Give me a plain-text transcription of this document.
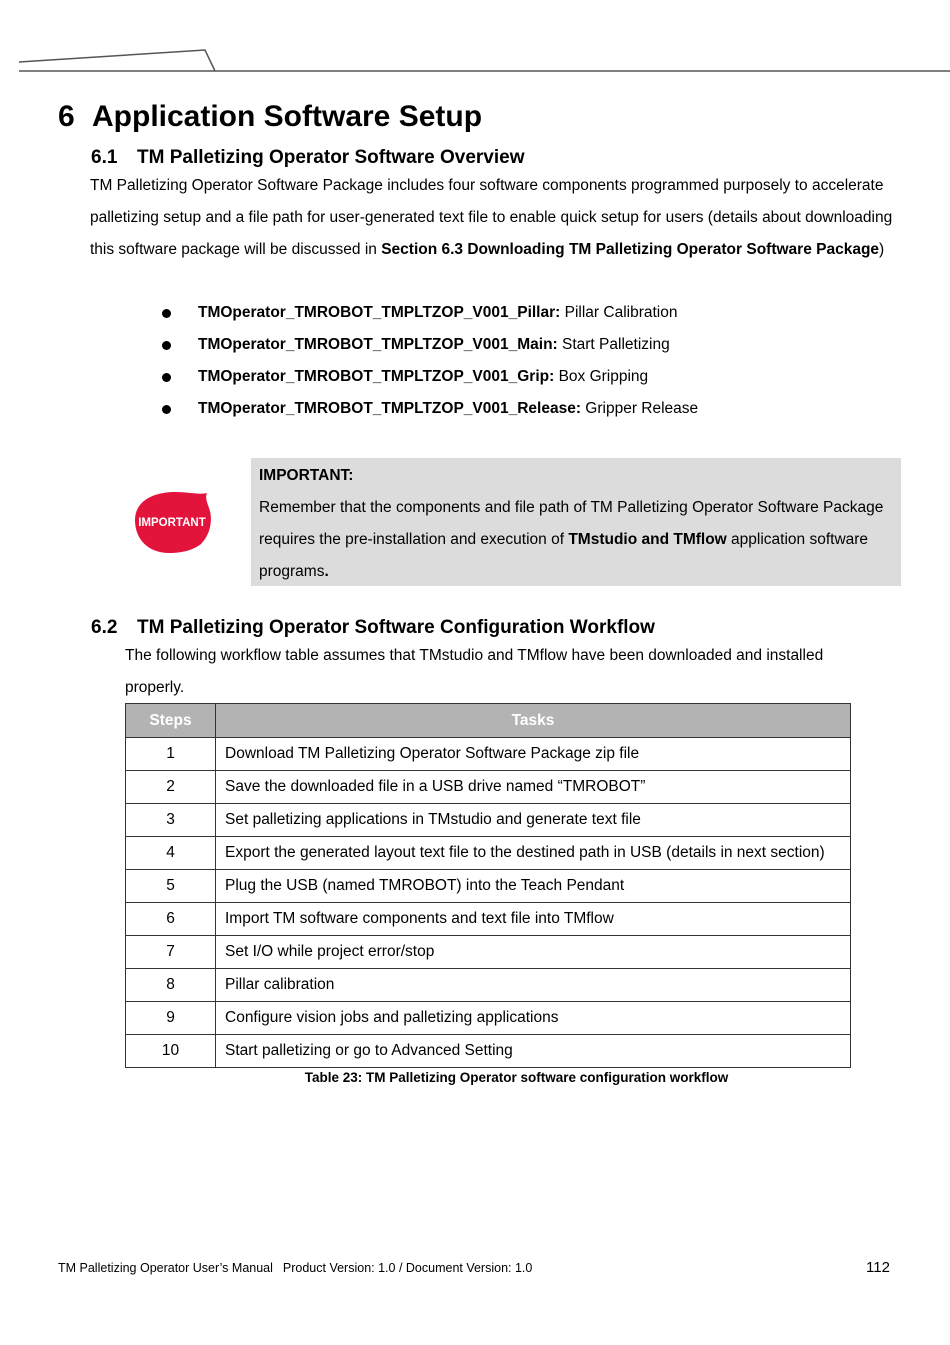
6 Application Software Setup
6.1 TM Palletizing Operator Software Overview

TM Palletizing Operator Software Package includes four software components programmed purposely to accelerate palletizing setup and a file path for user-generated text file to enable quick setup for users (details about downloading this software package will be discussed in Section 6.3 Downloading TM Palletizing Operator Software Package)

TMOperator_TMROBOT_TMPLTZOP_V001_Pillar: Pillar Calibration
TMOperator_TMROBOT_TMPLTZOP_V001_Main: Start Palletizing
TMOperator_TMROBOT_TMPLTZOP_V001_Grip: Box Gripping
TMOperator_TMROBOT_TMPLTZOP_V001_Release: Gripper Release
IMPORTANT

IMPORTANT:

Remember that the components and file path of TM Palletizing Operator Software Package requires the pre-installation and execution of TMstudio and TMflow application software programs.

6.2 TM Palletizing Operator Software Configuration Workflow

The following workflow table assumes that TMstudio and TMflow have been downloaded and installed properly.

Steps	Tasks
1	Download TM Palletizing Operator Software Package zip file
2	Save the downloaded file in a USB drive named “TMROBOT”
3	Set palletizing applications in TMstudio and generate text file
4	Export the generated layout text file to the destined path in USB (details in next section)
5	Plug the USB (named TMROBOT) into the Teach Pendant
6	Import TM software components and text file into TMflow
7	Set I/O while project error/stop
8	Pillar calibration
9	Configure vision jobs and palletizing applications
10	Start palletizing or go to Advanced Setting

Table 23: TM Palletizing Operator software configuration workflow

TM Palletizing Operator User’s Manual Product Version: 1.0 / Document Version: 1.0	112
